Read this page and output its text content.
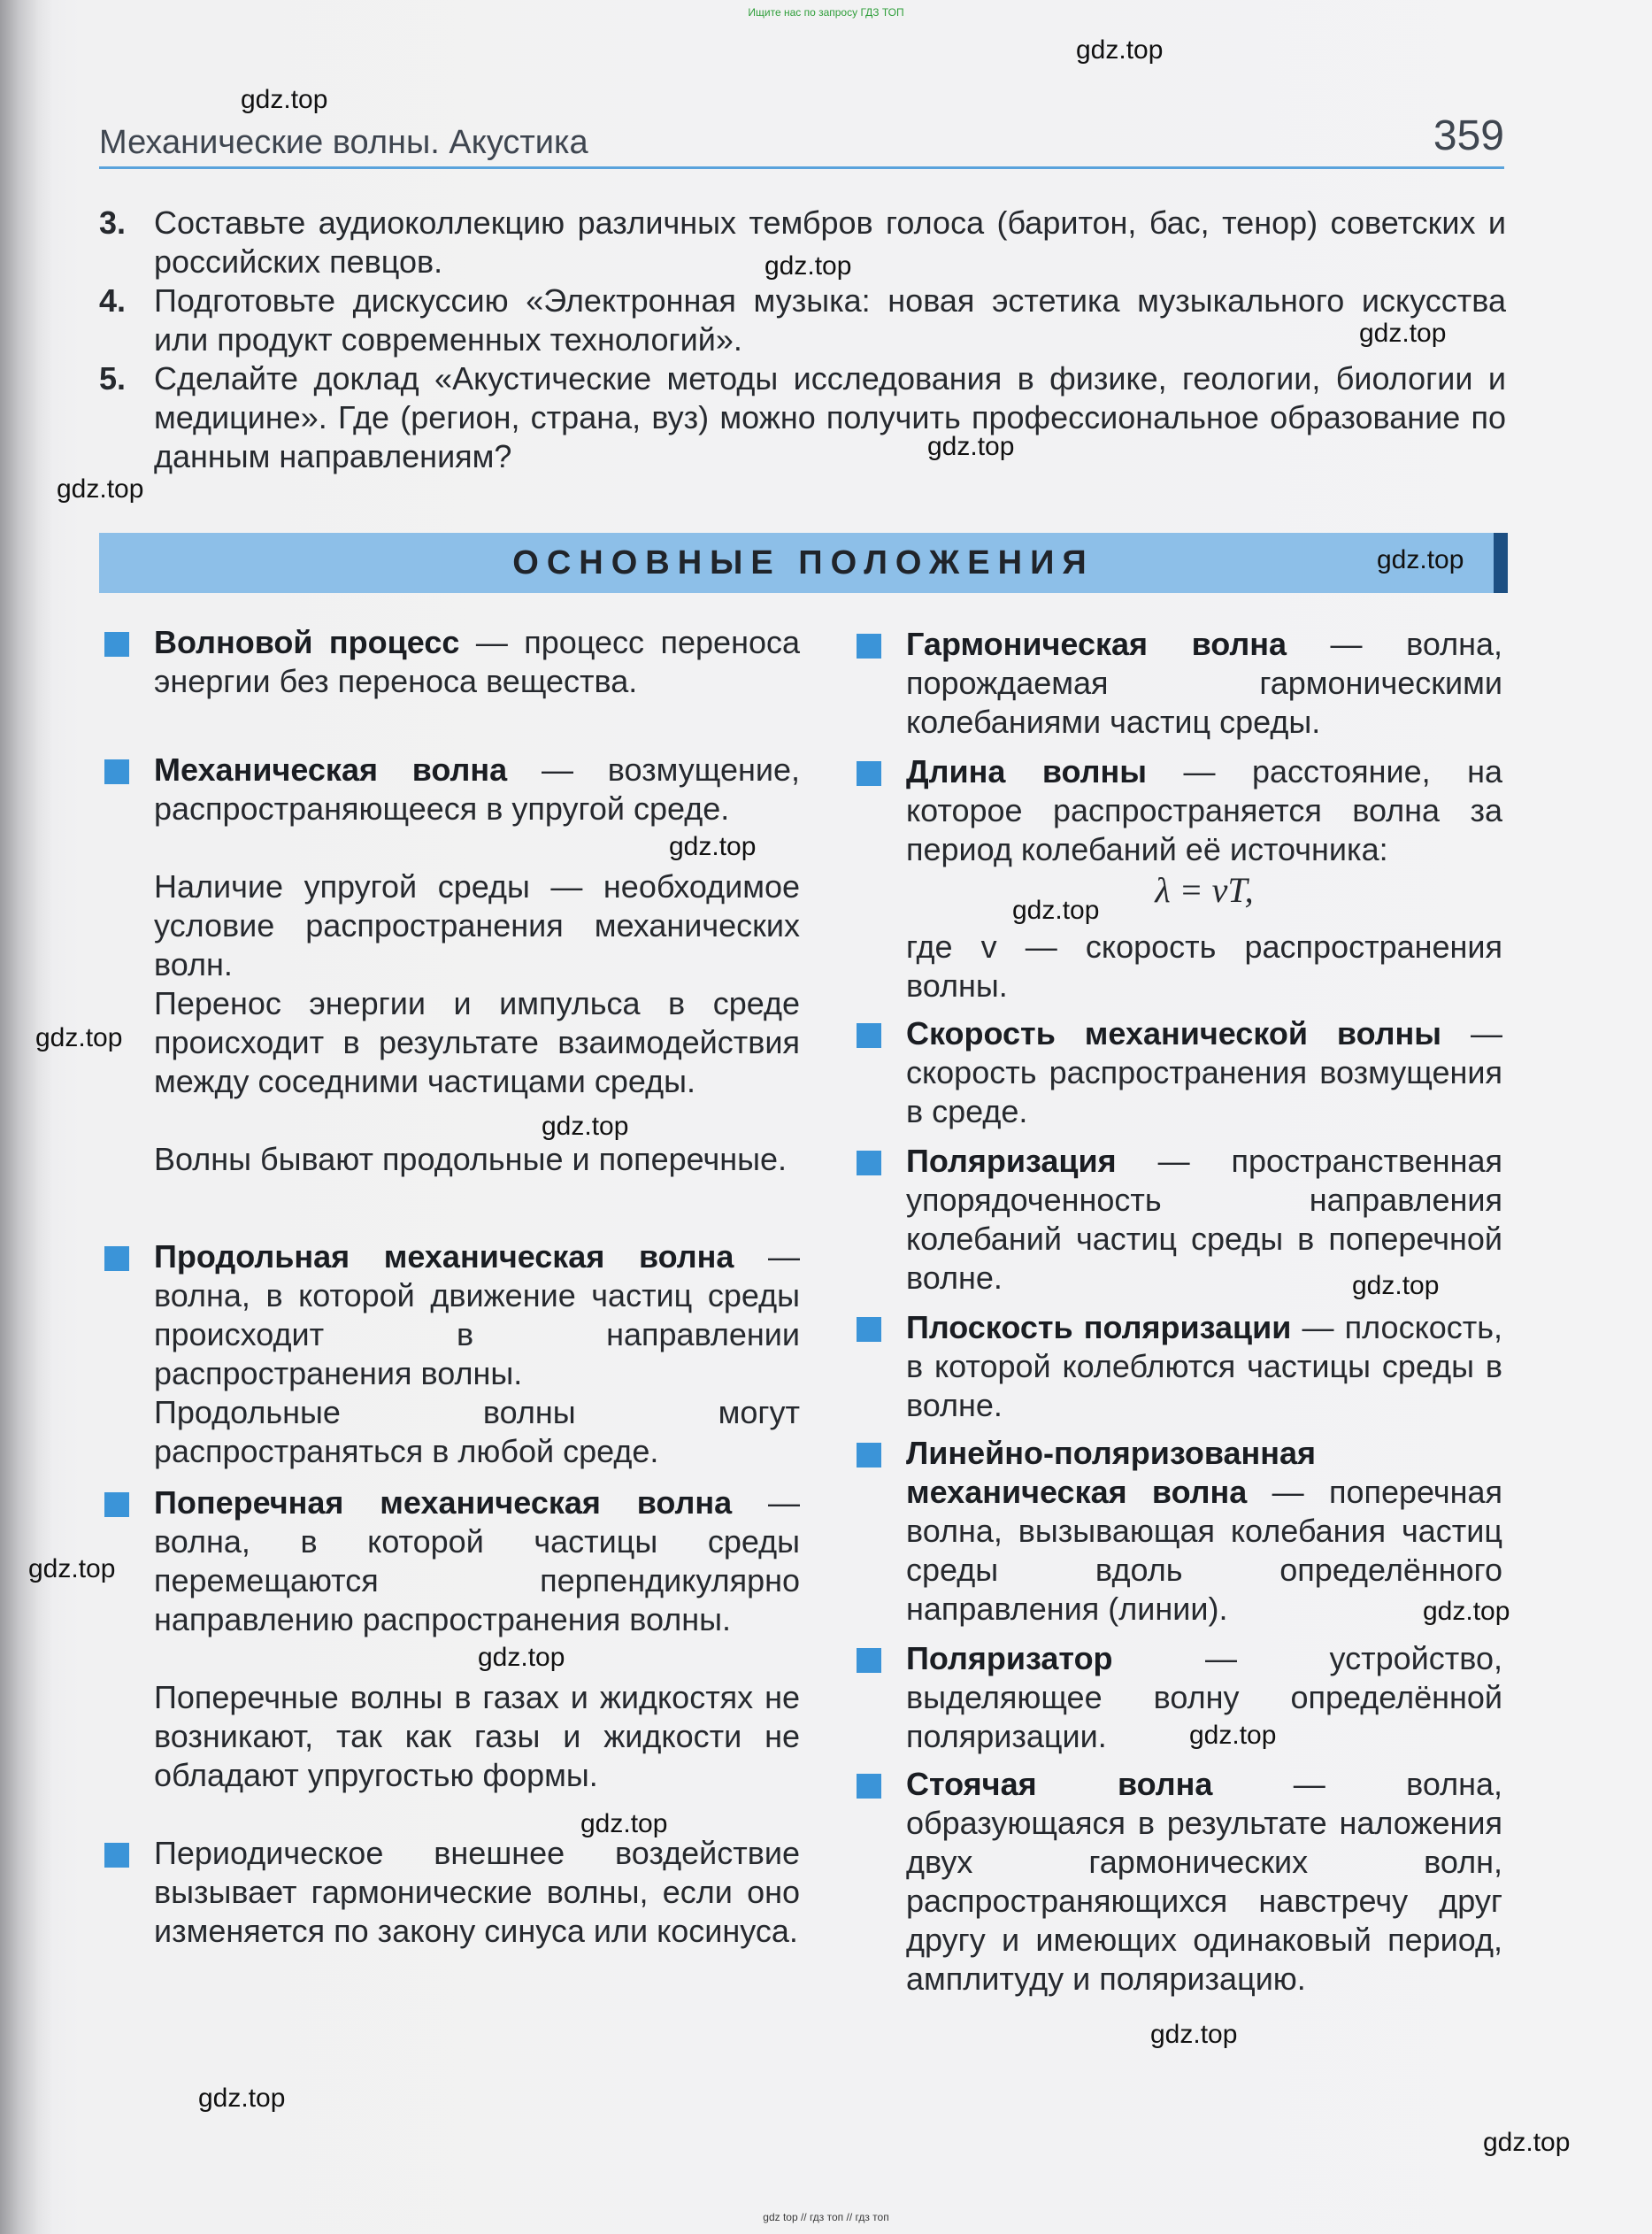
Ищите нас по запросу ГДЗ ТОП
Механические волны. Акустика	359
3. Составьте аудиоколлекцию различных тембров голоса (баритон, бас, тенор) советских и российских певцов.
4. Подготовьте дискуссию «Электронная музыка: новая эстетика музыкального искусства или продукт современных технологий».
5. Сделайте доклад «Акустические методы исследования в физике, геологии, биологии и медицине». Где (регион, страна, вуз) можно получить профессиональное образование по данным направлениям?
ОСНОВНЫЕ ПОЛОЖЕНИЯ
Волновой процесс — процесс переноса энергии без переноса вещества.
Механическая волна — возмущение, распространяющееся в упругой среде.
Наличие упругой среды — необходимое условие распространения механических волн.
Перенос энергии и импульса в среде происходит в результате взаимодействия между соседними частицами среды.
Волны бывают продольные и поперечные.
Продольная механическая волна — волна, в которой движение частиц среды происходит в направлении распространения волны.
Продольные волны могут распространяться в любой среде.
Поперечная механическая волна — волна, в которой частицы среды перемещаются перпендикулярно направлению распространения волны.
Поперечные волны в газах и жидкостях не возникают, так как газы и жидкости не обладают упругостью формы.
Периодическое внешнее воздействие вызывает гармонические волны, если оно изменяется по закону синуса или косинуса.
Гармоническая волна — волна, порождаемая гармоническими колебаниями частиц среды.
Длина волны — расстояние, на которое распространяется волна за период колебаний её источника:
λ = vT,
где v — скорость распространения волны.
Скорость механической волны — скорость распространения возмущения в среде.
Поляризация — пространственная упорядоченность направления колебаний частиц среды в поперечной волне.
Плоскость поляризации — плоскость, в которой колеблются частицы среды в волне.
Линейно-поляризованная механическая волна — поперечная волна, вызывающая колебания частиц среды вдоль определённого направления (линии).
Поляризатор — устройство, выделяющее волну определённой поляризации.
Стоячая волна — волна, образующаяся в результате наложения двух гармонических волн, распространяющихся навстречу друг другу и имеющих одинаковый период, амплитуду и поляризацию.
gdz.top
gdz.top
gdz.top
gdz.top
gdz.top
gdz.top
gdz.top
gdz.top
gdz.top
gdz.top
gdz.top
gdz.top
gdz.top
gdz.top
gdz.top
gdz.top
gdz.top
gdz.top
gdz.top
gdz.top
gdz top // гдз топ // гдз топ
